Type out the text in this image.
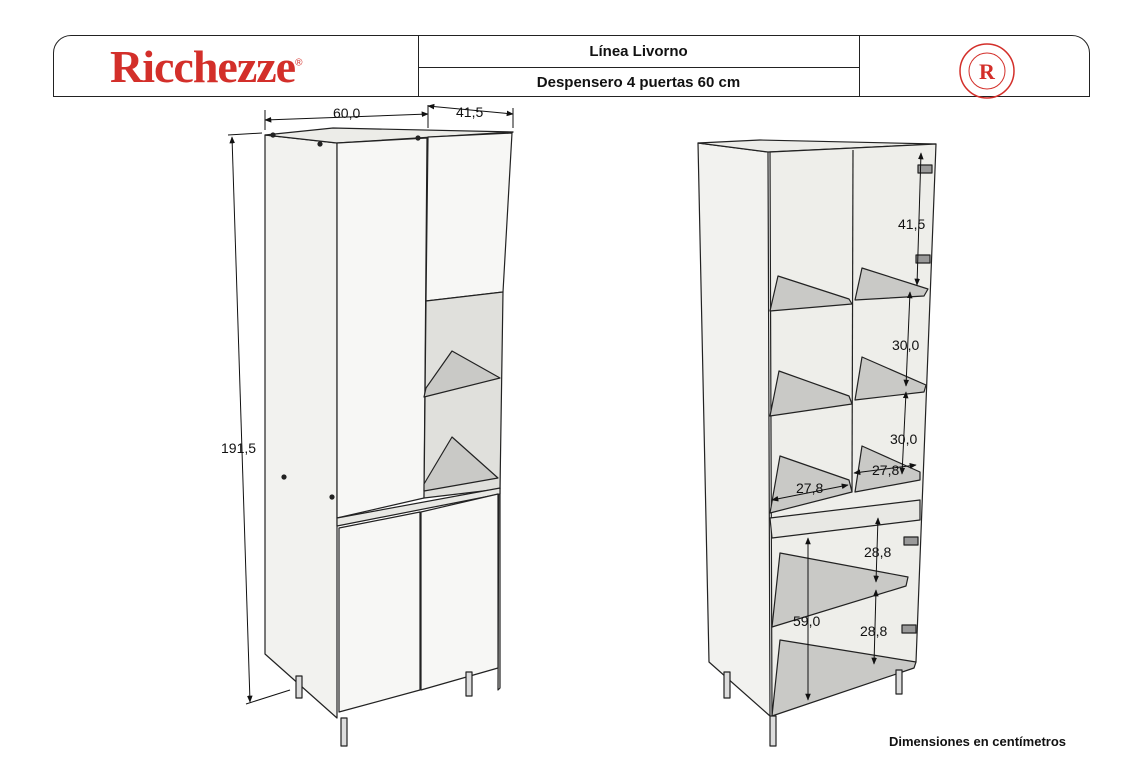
Ricchezze®
Línea Livorno
Despensero 4 puertas 60 cm	R
60,0	41,5
191,5
41,5
30,0
30,0
27,8
27,8
28,8
59,0
28,8
Dimensiones en centímetros
